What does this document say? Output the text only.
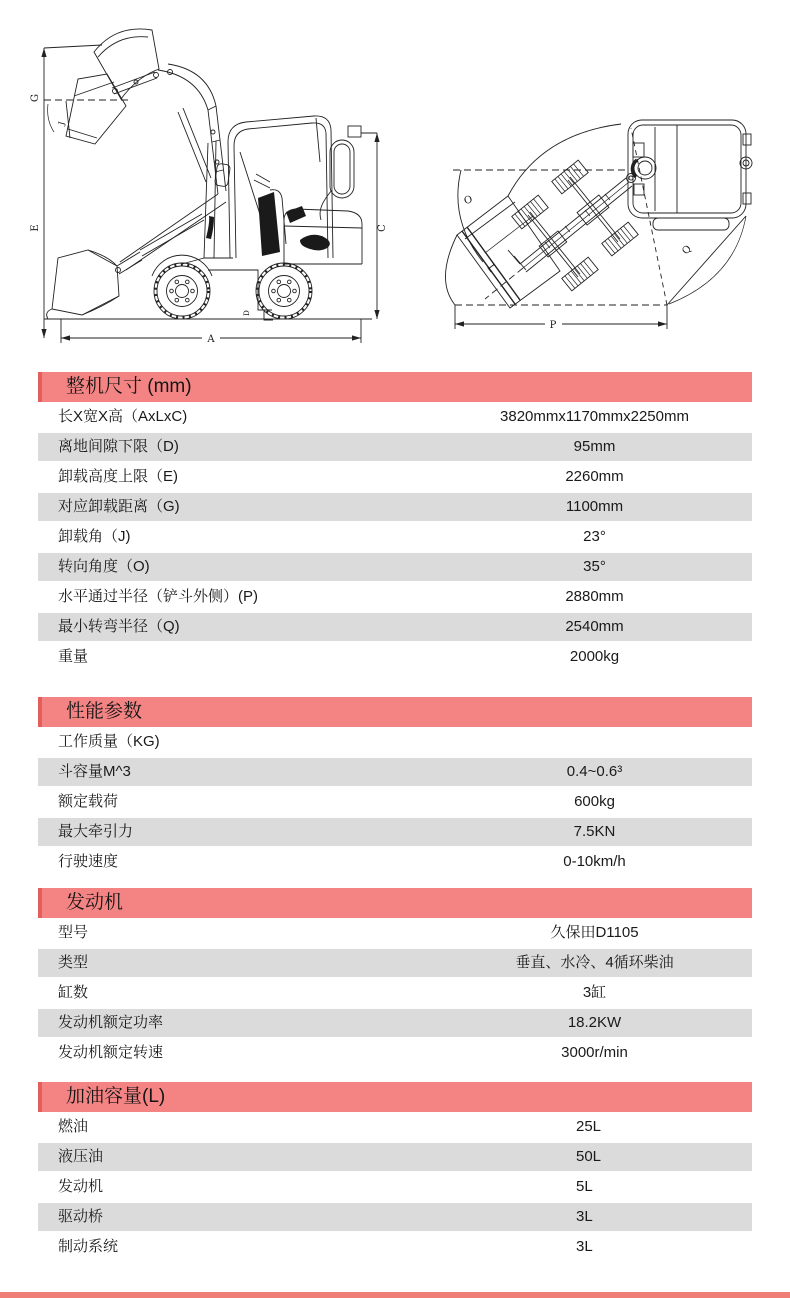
G
E
J
C
A
D
O
L
Q
P
整机尺寸 (mm)
长X宽X高（AxLxC)	3820mmx1170mmx2250mm
离地间隙下限（D)	95mm
卸载高度上限（E)	2260mm
对应卸载距离（G)	1100mm
卸载角（J)	23°
转向角度（O)	35°
水平通过半径（铲斗外侧）(P)	2880mm
最小转弯半径（Q)	2540mm
重量	2000kg
性能参数
工作质量（KG)
斗容量M^3	0.4~0.6³
额定载荷	600kg
最大牵引力	7.5KN
行驶速度	0-10km/h
发动机
型号	久保田D1105
类型	垂直、水冷、4循环柴油
缸数	3缸
发动机额定功率	18.2KW
发动机额定转速	3000r/min
加油容量(L)
燃油	25L
液压油	50L
发动机	5L
驱动桥	3L
制动系统	3L
